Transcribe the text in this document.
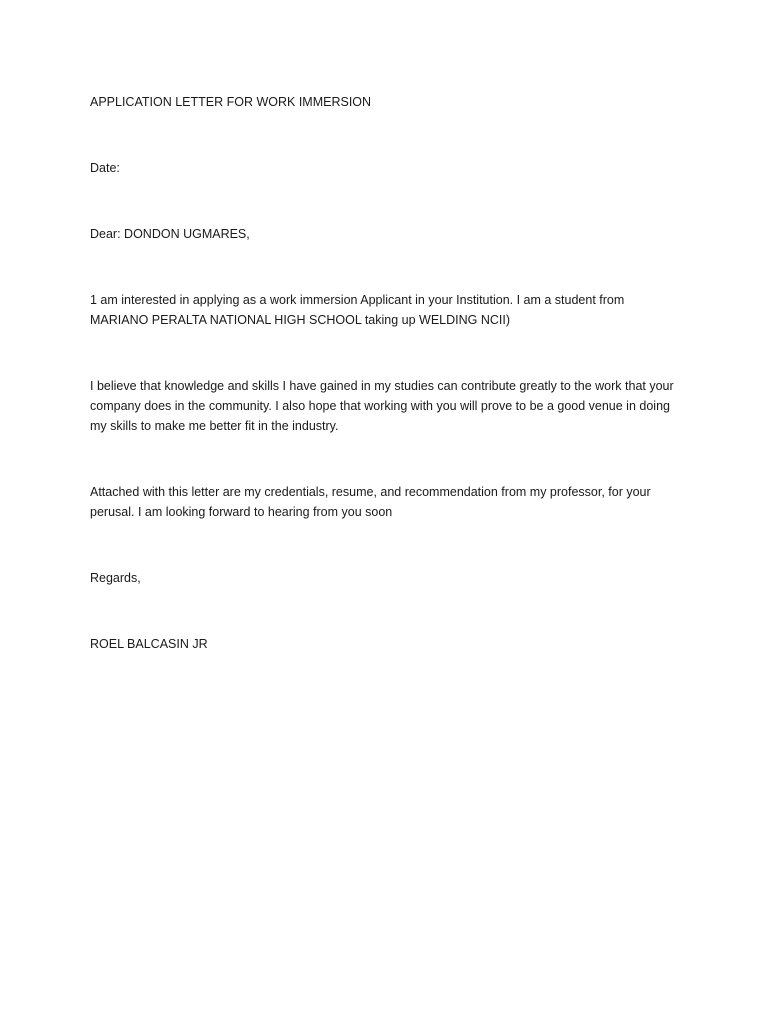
APPLICATION LETTER FOR WORK IMMERSION

Date:

Dear: DONDON UGMARES,

1 am interested in applying as a work immersion Applicant in your Institution. I am a student from MARIANO PERALTA NATIONAL HIGH SCHOOL taking up WELDING NCII)

I believe that knowledge and skills I have gained in my studies can contribute greatly to the work that your company does in the community. I also hope that working with you will prove to be a good venue in doing my skills to make me better fit in the industry.

Attached with this letter are my credentials, resume, and recommendation from my professor, for your perusal. I am looking forward to hearing from you soon

Regards,

ROEL BALCASIN JR
